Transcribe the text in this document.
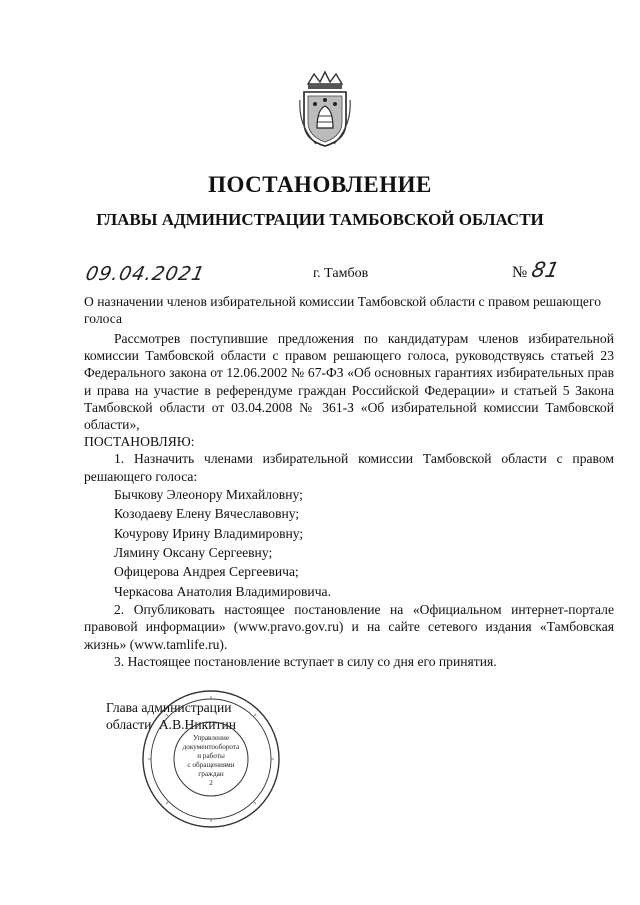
ПОСТАНОВЛЕНИЕ
ГЛАВЫ АДМИНИСТРАЦИИ ТАМБОВСКОЙ ОБЛАСТИ
09.04.2021	г. Тамбов	№ 81
О назначении членов избирательной комиссии Тамбовской области с правом решающего голоса

Рассмотрев поступившие предложения по кандидатурам членов избирательной комиссии Тамбовской области с правом решающего голоса, руководствуясь статьей 23 Федерального закона от 12.06.2002 № 67-ФЗ «Об основных гарантиях избирательных прав и права на участие в референдуме граждан Российской Федерации» и статьей 5 Закона Тамбовской области от 03.04.2008 № 361-З «Об избирательной комиссии Тамбовской области»,

ПОСТАНОВЛЯЮ:

1. Назначить членами избирательной комиссии Тамбовской области с правом решающего голоса:

Бычкову Элеонору Михайловну;
Козодаеву Елену Вячеславовну;
Кочурову Ирину Владимировну;
Лямину Оксану Сергеевну;
Офицерова Андрея Сергеевича;
Черкасова Анатолия Владимировича.

2. Опубликовать настоящее постановление на «Официальном интернет-портале правовой информации» (www.pravo.gov.ru) и на сайте сетевого издания «Тамбовская жизнь» (www.tamlife.ru).

3. Настоящее постановление вступает в силу со дня его принятия.

Глава администрации
области А.В.Никитин
Управление
документооборота
и работы
с обращениями
граждан
2
